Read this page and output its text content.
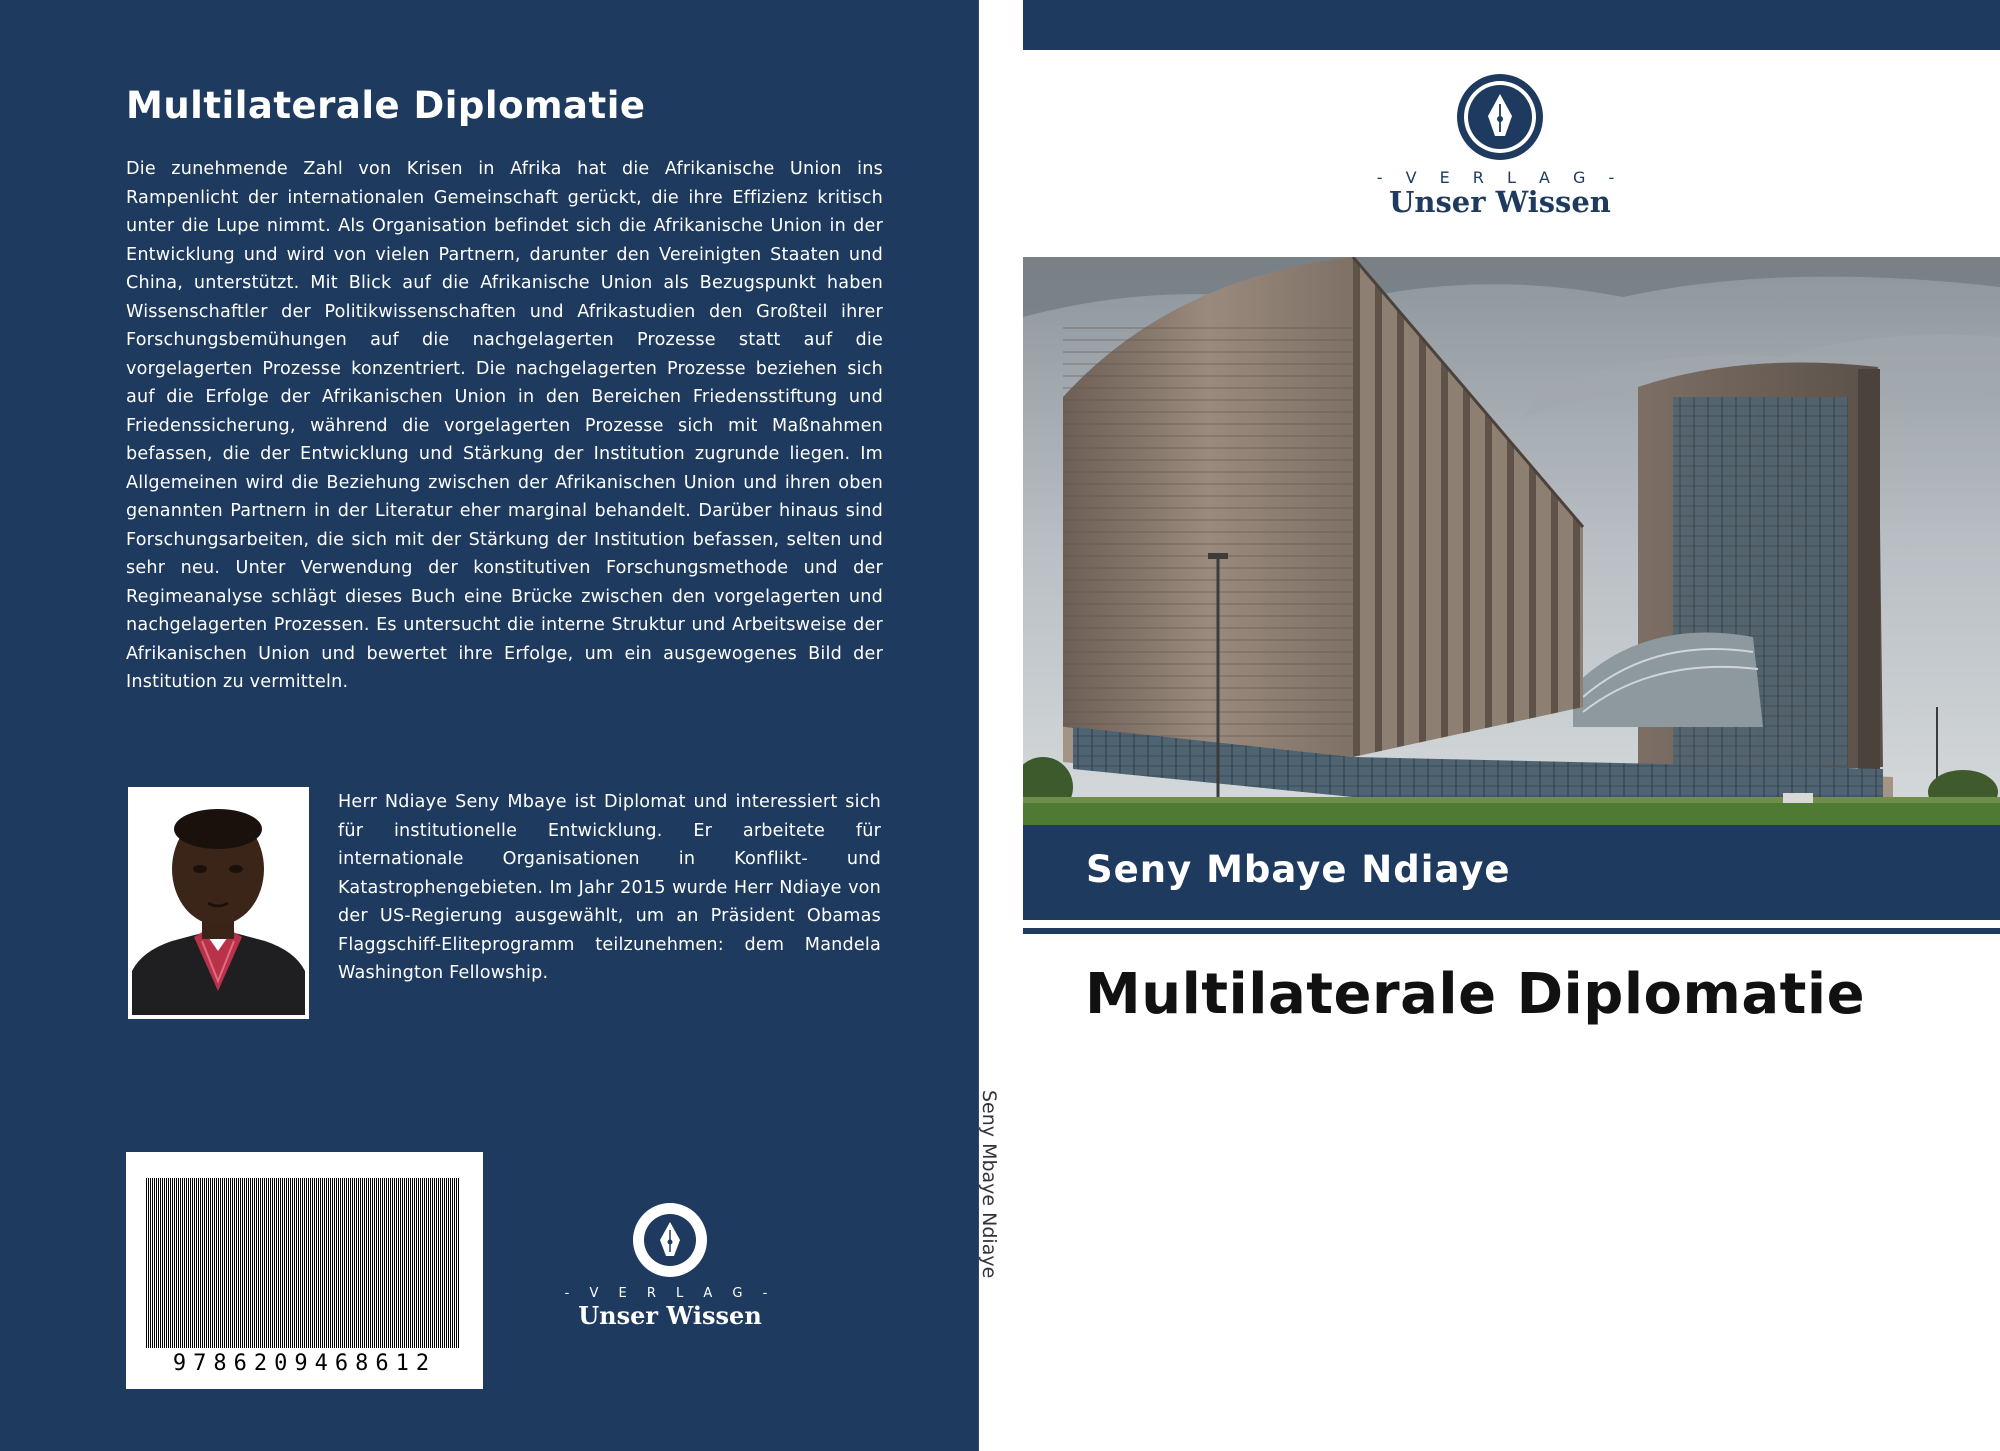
Multilaterale Diplomatie

Die zunehmende Zahl von Krisen in Afrika hat die Afrikanische Union ins Rampenlicht der internationalen Gemeinschaft gerückt, die ihre Effizienz kritisch unter die Lupe nimmt. Als Organisation befindet sich die Afrikanische Union in der Entwicklung und wird von vielen Partnern, darunter den Vereinigten Staaten und China, unterstützt. Mit Blick auf die Afrikanische Union als Bezugspunkt haben Wissenschaftler der Politikwissenschaften und Afrikastudien den Großteil ihrer Forschungsbemühungen auf die nachgelagerten Prozesse statt auf die vorgelagerten Prozesse konzentriert. Die nachgelagerten Prozesse beziehen sich auf die Erfolge der Afrikanischen Union in den Bereichen Friedensstiftung und Friedenssicherung, während die vorgelagerten Prozesse sich mit Maßnahmen befassen, die der Entwicklung und Stärkung der Institution zugrunde liegen. Im Allgemeinen wird die Beziehung zwischen der Afrikanischen Union und ihren oben genannten Partnern in der Literatur eher marginal behandelt. Darüber hinaus sind Forschungsarbeiten, die sich mit der Stärkung der Institution befassen, selten und sehr neu. Unter Verwendung der konstitutiven Forschungsmethode und der Regimeanalyse schlägt dieses Buch eine Brücke zwischen den vorgelagerten und nachgelagerten Prozessen. Es untersucht die interne Struktur und Arbeitsweise der Afrikanischen Union und bewertet ihre Erfolge, um ein ausgewogenes Bild der Institution zu vermitteln.

Herr Ndiaye Seny Mbaye ist Diplomat und interessiert sich für institutionelle Entwicklung. Er arbeitete für internationale Organisationen in Konflikt- und Katastrophengebieten. Im Jahr 2015 wurde Herr Ndiaye von der US-Regierung ausgewählt, um an Präsident Obamas Flaggschiff-Eliteprogramm teilzunehmen: dem Mandela Washington Fellowship.

9786209468612
- V E R L A G -
Unser Wissen
Seny Mbaye Ndiaye
- V E R L A G -
Unser Wissen
Seny Mbaye Ndiaye
Multilaterale Diplomatie
